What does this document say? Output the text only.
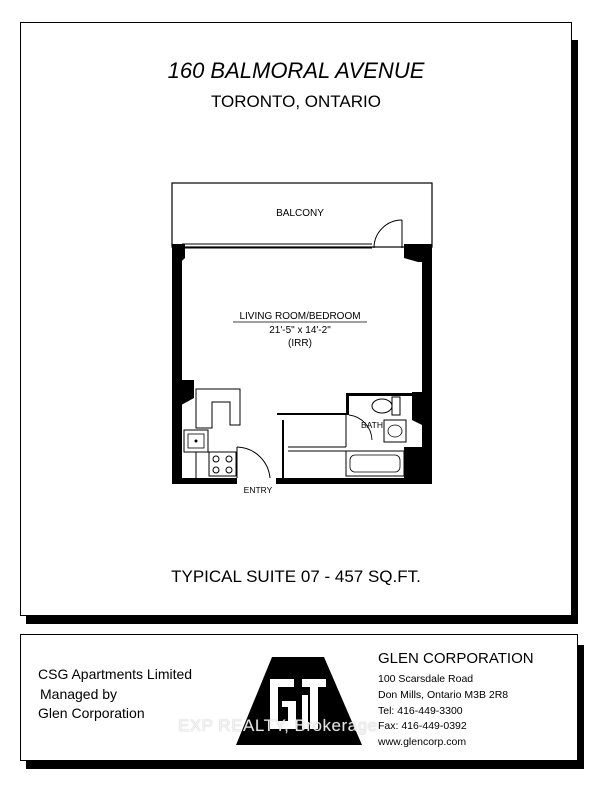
160 BALMORAL AVENUE
TORONTO, ONTARIO
BALCONY
LIVING ROOM/BEDROOM
21'-5" x 14'-2"
(IRR)
ENTRY
BATH
TYPICAL SUITE 07 - 457 SQ.FT.
CSG Apartments Limited
Managed by
Glen Corporation
GLEN CORPORATION
100 Scarsdale Road
Don Mills, Ontario M3B 2R8
Tel: 416-449-3300
Fax: 416-449-0392
www.glencorp.com
EXP REALTY, Brokerage
